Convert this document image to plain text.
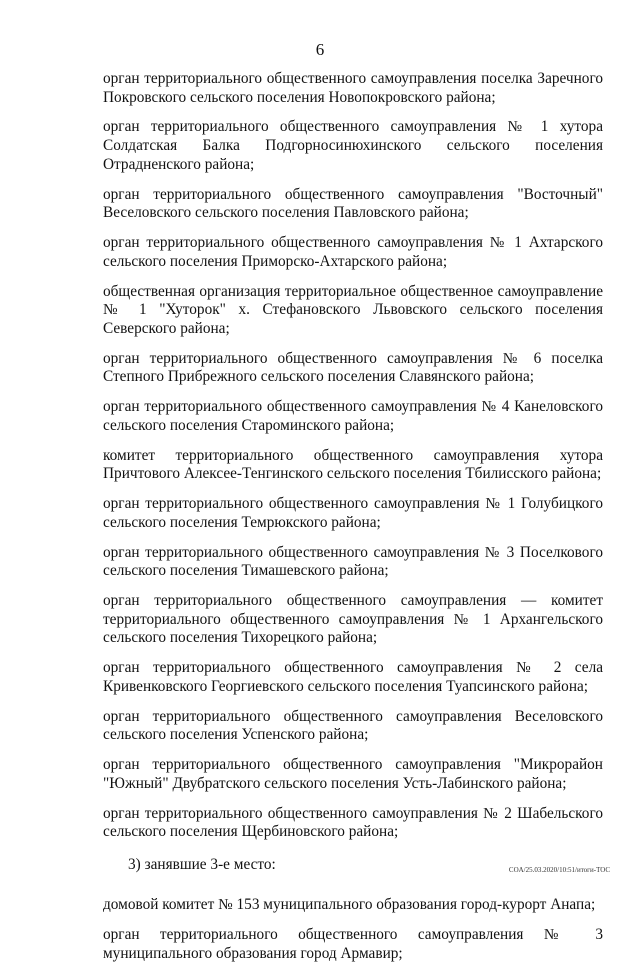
6

орган территориального общественного самоуправления поселка Заречного Покровского сельского поселения Новопокровского района;

орган территориального общественного самоуправления № 1 хутора Солдатская Балка Подгорносинюхинского сельского поселения Отрадненского района;

орган территориального общественного самоуправления "Восточный" Веселовского сельского поселения Павловского района;

орган территориального общественного самоуправления № 1 Ахтарского сельского поселения Приморско-Ахтарского района;

общественная организация территориальное общественное самоуправление № 1 "Хуторок" х. Стефановского Львовского сельского поселения Северского района;

орган территориального общественного самоуправления № 6 поселка Степного Прибрежного сельского поселения Славянского района;

орган территориального общественного самоуправления № 4 Канеловского сельского поселения Староминского района;

комитет территориального общественного самоуправления хутора Причтового Алексее-Тенгинского сельского поселения Тбилисского района;

орган территориального общественного самоуправления № 1 Голубицкого сельского поселения Темрюкского района;

орган территориального общественного самоуправления № 3 Поселкового сельского поселения Тимашевского района;

орган территориального общественного самоуправления — комитет территориального общественного самоуправления № 1 Архангельского сельского поселения Тихорецкого района;

орган территориального общественного самоуправления № 2 села Кривенковского Георгиевского сельского поселения Туапсинского района;

орган территориального общественного самоуправления Веселовского сельского поселения Успенского района;

орган территориального общественного самоуправления "Микрорайон "Южный" Двубратского сельского поселения Усть-Лабинского района;

орган территориального общественного самоуправления № 2 Шабельского сельского поселения Щербиновского района;

3) занявшие 3-е место:

домовой комитет № 153 муниципального образования город-курорт Анапа;

орган территориального общественного самоуправления № 3 муниципального образования город Армавир;

COA/25.03.2020/10:51/итоги-TOC
